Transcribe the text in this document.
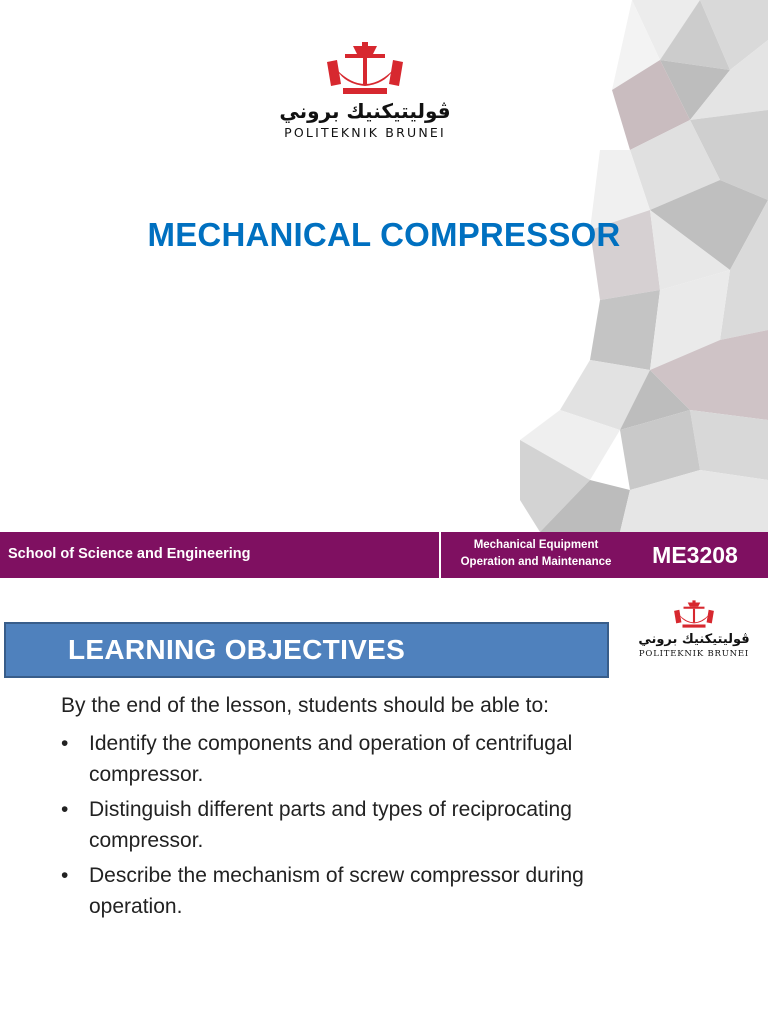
ڤوليتيكنيك بروني
POLITEKNIK BRUNEI
MECHANICAL COMPRESSOR
School of Science and Engineering
Mechanical Equipment
Operation and Maintenance	ME3208
LEARNING OBJECTIVES	ڤوليتيكنيك بروني
POLITEKNIK BRUNEI
By the end of the lesson, students should be able to:
• Identify the components and operation of centrifugal compressor.
• Distinguish different parts and types of reciprocating compressor.
• Describe the mechanism of screw compressor during operation.
